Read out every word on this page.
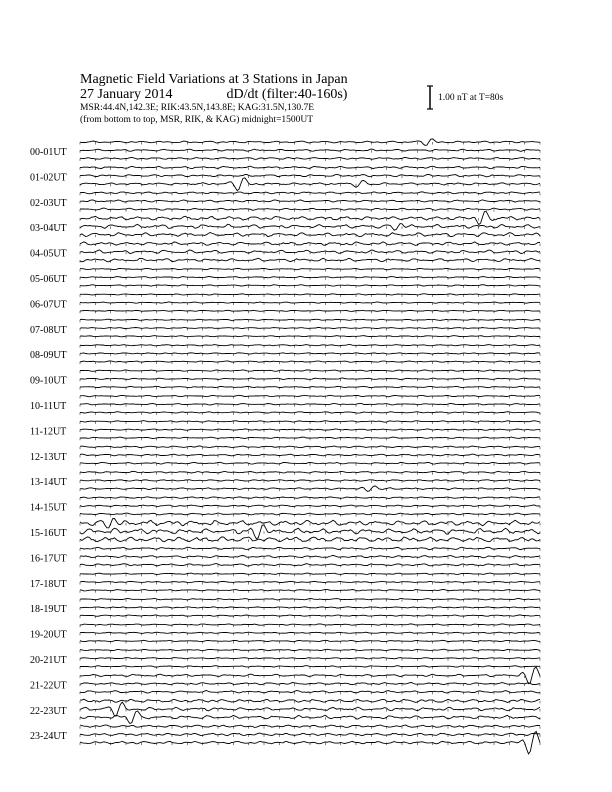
Magnetic Field Variations at 3 Stations in Japan
27 January 2014	dD/dt (filter:40-160s)
MSR:44.4N,142.3E; RIK:43.5N,143.8E; KAG:31.5N,130.7E
(from bottom to top, MSR, RIK, & KAG) midnight=1500UT
1.00 nT at T=80s
00-01UT
01-02UT
02-03UT
03-04UT
04-05UT
05-06UT
06-07UT
07-08UT
08-09UT
09-10UT
10-11UT
11-12UT
12-13UT
13-14UT
14-15UT
15-16UT
16-17UT
17-18UT
18-19UT
19-20UT
20-21UT
21-22UT
22-23UT
23-24UT
